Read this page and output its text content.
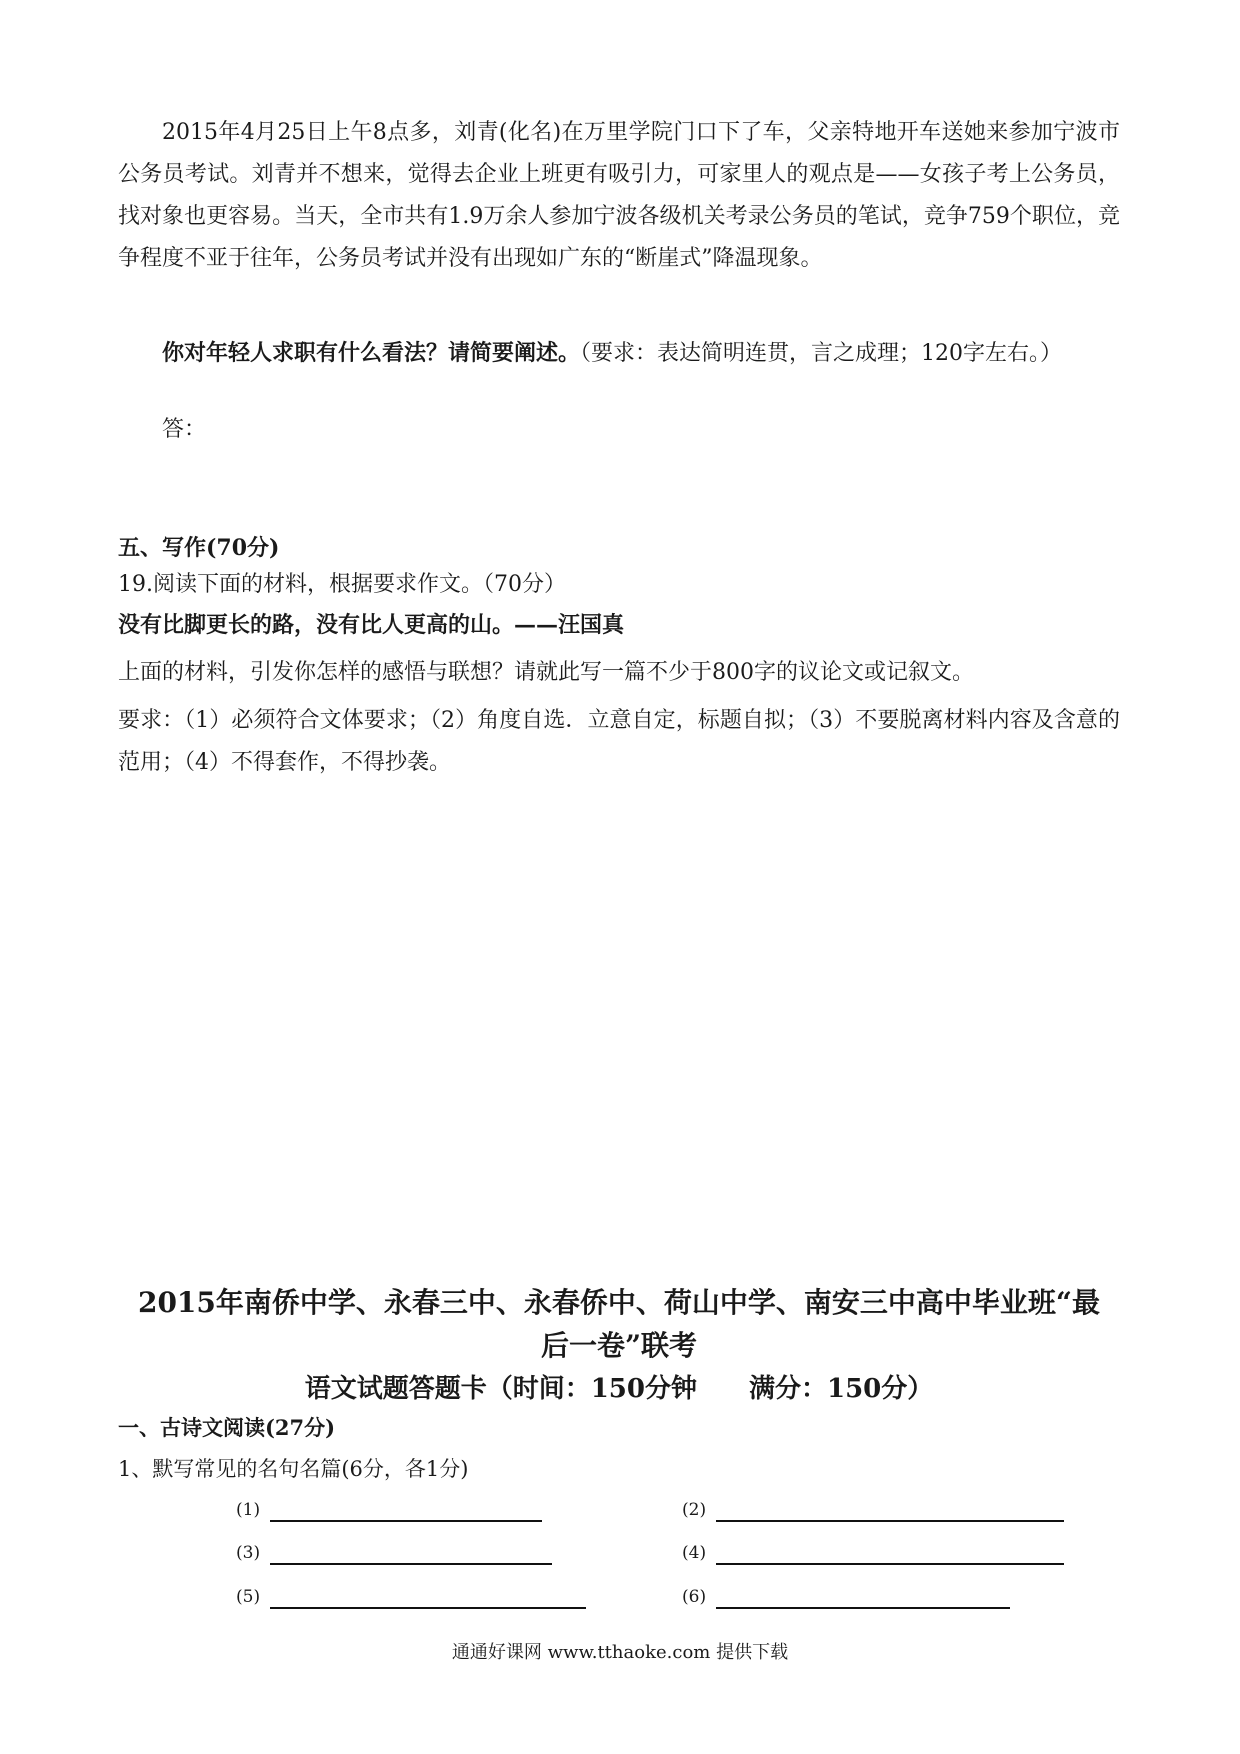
2015年4月25日上午8点多，刘青(化名)在万里学院门口下了车，父亲特地开车送她来参加宁波市公务员考试。刘青并不想来，觉得去企业上班更有吸引力，可家里人的观点是——女孩子考上公务员，找对象也更容易。当天，全市共有1.9万余人参加宁波各级机关考录公务员的笔试，竞争759个职位，竞争程度不亚于往年，公务员考试并没有出现如广东的“断崖式”降温现象。

你对年轻人求职有什么看法？请简要阐述。（要求：表达简明连贯，言之成理；120字左右。）

答：

五、写作(70分)

19.阅读下面的材料，根据要求作文。（70分）

没有比脚更长的路，没有比人更高的山。——汪国真

上面的材料，引发你怎样的感悟与联想？请就此写一篇不少于800字的议论文或记叙文。

要求：（1）必须符合文体要求；（2）角度自选．立意自定，标题自拟；（3）不要脱离材料内容及含意的范用；（4）不得套作，不得抄袭。

2015年南侨中学、永春三中、永春侨中、荷山中学、南安三中高中毕业班“最

后一卷”联考

语文试题答题卡（时间：150分钟　　满分：150分）

一、古诗文阅读(27分)

1、默写常见的名句名篇(6分，各1分)

(1)	(2)
(3)	(4)
(5)	(6)
通通好课网 www.tthaoke.com 提供下载
